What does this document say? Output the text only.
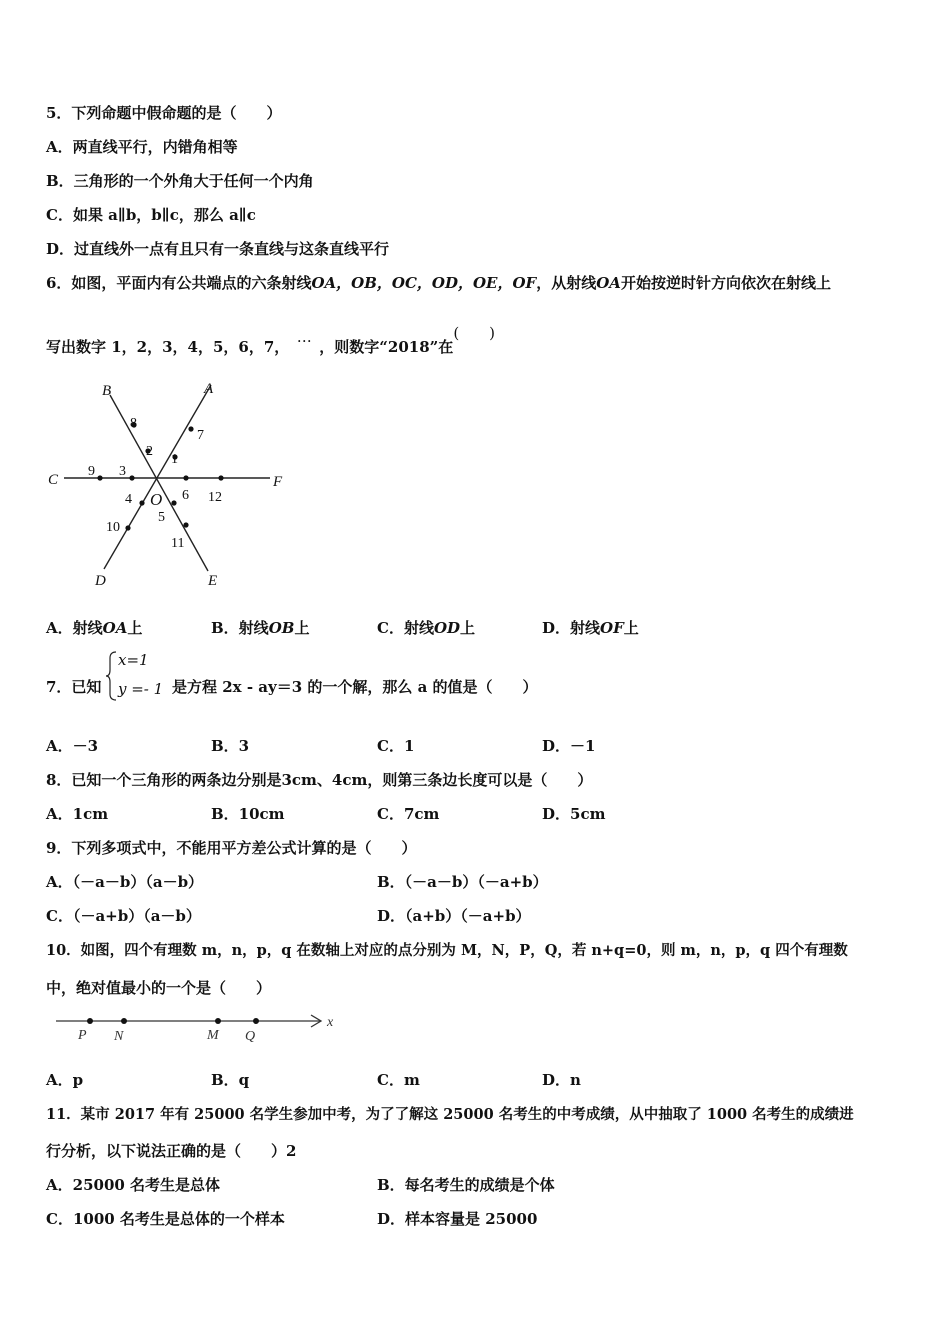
5．下列命题中假命题的是（　　）
A．两直线平行，内错角相等
B．三角形的一个外角大于任何一个内角
C．如果 a∥b，b∥c，那么 a∥c
D．过直线外一点有且只有一条直线与这条直线平行
6．如图，平面内有公共端点的六条射线OA，OB，OC，OD，OE，OF，从射线OA开始按逆时针方向依次在射线上
写出数字 1，2，3，4，5，6，7，…，则数字“2018”在(　　)
B	A
C	F
D	E
O
1
2
3
4
5
6
7
8
9
10
11
12
A．射线OA上	B．射线OB上	C．射线OD上	D．射线OF上
7．已知
x=1
y =- 1 是方程 2x - ay＝3 的一个解，那么 a 的值是（　　）
A．－3	B．3	C．1	D．－1
8．已知一个三角形的两条边分别是3cm、4cm，则第三条边长度可以是（　　）
A．1cm	B．10cm	C．7cm	D．5cm
9．下列多项式中，不能用平方差公式计算的是（　　）
A．（－a－b）（a－b）	B．（－a－b）（－a+b）
C．（－a+b）（a－b）	D．（a+b）（－a+b）
10．如图，四个有理数 m，n，p，q 在数轴上对应的点分别为 M，N，P，Q，若 n+q=0，则 m，n，p，q 四个有理数
中，绝对值最小的一个是（　　）
P N	M Q
x
A．p	B．q	C．m	D．n
11．某市 2017 年有 25000 名学生参加中考，为了了解这 25000 名考生的中考成绩，从中抽取了 1000 名考生的成绩进
行分析，以下说法正确的是（　　）2
A．25000 名考生是总体	B．每名考生的成绩是个体
C．1000 名考生是总体的一个样本	D．样本容量是 25000
